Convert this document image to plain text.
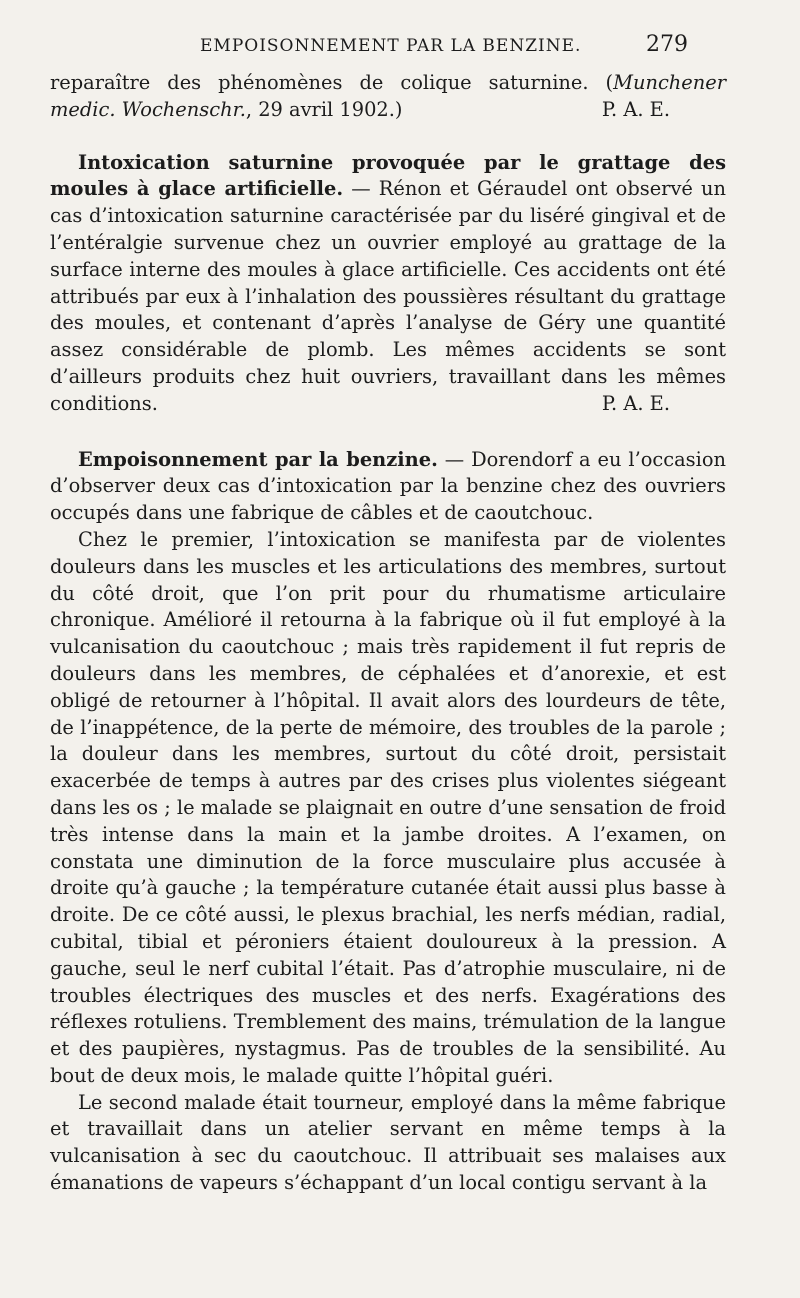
EMPOISONNEMENT PAR LA BENZINE.	279

reparaître des phénomènes de colique saturnine. (Munchener medic. Wochenschr., 29 avril 1902.)	P. A. E.

Intoxication saturnine provoquée par le grattage des moules à glace artificielle. — Rénon et Géraudel ont observé un cas d’intoxication saturnine caractérisée par du liséré gingival et de l’entéralgie survenue chez un ouvrier employé au grattage de la surface interne des moules à glace artificielle. Ces accidents ont été attribués par eux à l’inhalation des poussières résultant du grattage des moules, et contenant d’après l’analyse de Géry une quantité assez considérable de plomb. Les mêmes accidents se sont d’ailleurs produits chez huit ouvriers, travaillant dans les mêmes conditions.	P. A. E.

Empoisonnement par la benzine. — Dorendorf a eu l’occasion d’observer deux cas d’intoxication par la benzine chez des ouvriers occupés dans une fabrique de câbles et de caoutchouc.

Chez le premier, l’intoxication se manifesta par de violentes douleurs dans les muscles et les articulations des membres, surtout du côté droit, que l’on prit pour du rhumatisme articulaire chronique. Amélioré il retourna à la fabrique où il fut employé à la vulcanisation du caoutchouc ; mais très rapidement il fut repris de douleurs dans les membres, de céphalées et d’anorexie, et est obligé de retourner à l’hôpital. Il avait alors des lourdeurs de tête, de l’inappétence, de la perte de mémoire, des troubles de la parole ; la douleur dans les membres, surtout du côté droit, persistait exacerbée de temps à autres par des crises plus violentes siégeant dans les os ; le malade se plaignait en outre d’une sensation de froid très intense dans la main et la jambe droites. A l’examen, on constata une diminution de la force musculaire plus accusée à droite qu’à gauche ; la température cutanée était aussi plus basse à droite. De ce côté aussi, le plexus brachial, les nerfs médian, radial, cubital, tibial et péroniers étaient douloureux à la pression. A gauche, seul le nerf cubital l’était. Pas d’atrophie musculaire, ni de troubles électriques des muscles et des nerfs. Exagérations des réflexes rotuliens. Tremblement des mains, trémulation de la langue et des paupières, nystagmus. Pas de troubles de la sensibilité. Au bout de deux mois, le malade quitte l’hôpital guéri.

Le second malade était tourneur, employé dans la même fabrique et travaillait dans un atelier servant en même temps à la vulcanisation à sec du caoutchouc. Il attribuait ses malaises aux émanations de vapeurs s’échappant d’un local contigu servant à la
